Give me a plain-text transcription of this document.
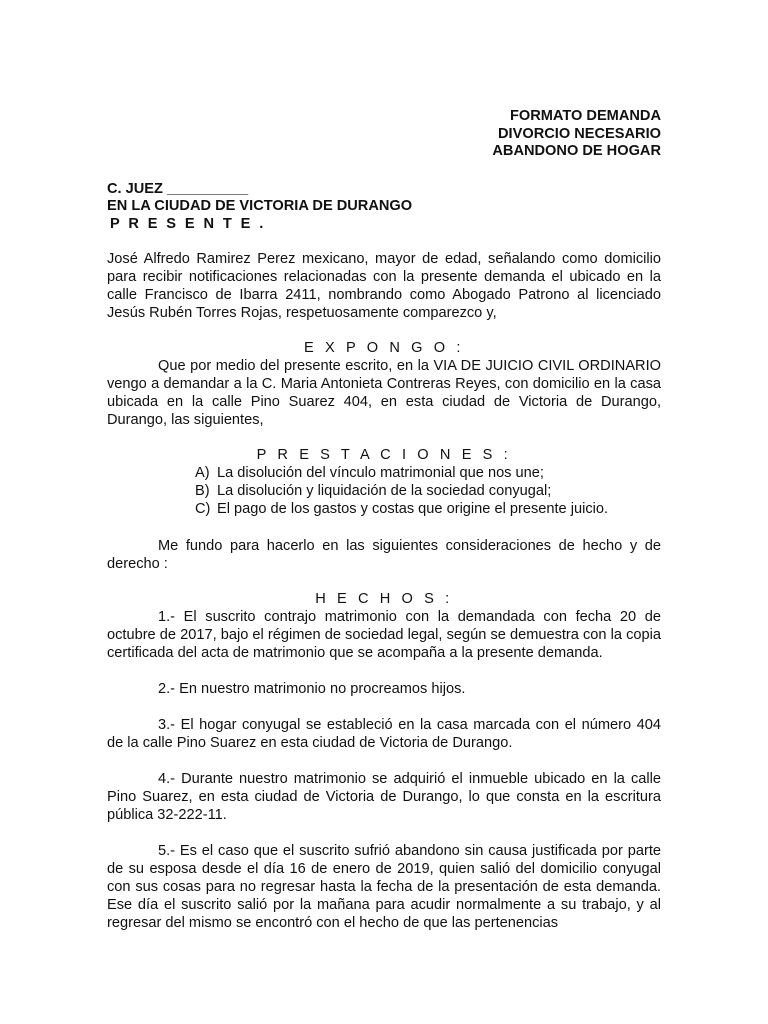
FORMATO DEMANDA
DIVORCIO NECESARIO
ABANDONO DE HOGAR
C. JUEZ __________
EN LA CIUDAD DE VICTORIA DE DURANGO
P R E S E N T E .

José Alfredo Ramirez Perez mexicano, mayor de edad, señalando como domicilio para recibir notificaciones relacionadas con la presente demanda el ubicado en la calle Francisco de Ibarra 2411, nombrando como Abogado Patrono al licenciado Jesús Rubén Torres Rojas, respetuosamente comparezco y,

E X P O N G O :

Que por medio del presente escrito, en la VIA DE JUICIO CIVIL ORDINARIO vengo a demandar a la C. Maria Antonieta Contreras Reyes, con domicilio en la casa ubicada en la calle Pino Suarez 404, en esta ciudad de Victoria de Durango, Durango, las siguientes,

P R E S T A C I O N E S :
A) La disolución del vínculo matrimonial que nos une;
B) La disolución y liquidación de la sociedad conyugal;
C) El pago de los gastos y costas que origine el presente juicio.

Me fundo para hacerlo en las siguientes consideraciones de hecho y de derecho :

H E C H O S :

1.- El suscrito contrajo matrimonio con la demandada con fecha 20 de octubre de 2017, bajo el régimen de sociedad legal, según se demuestra con la copia certificada del acta de matrimonio que se acompaña a la presente demanda.

2.- En nuestro matrimonio no procreamos hijos.

3.- El hogar conyugal se estableció en la casa marcada con el número 404 de la calle Pino Suarez en esta ciudad de Victoria de Durango.

4.- Durante nuestro matrimonio se adquirió el inmueble ubicado en la calle Pino Suarez, en esta ciudad de Victoria de Durango, lo que consta en la escritura pública 32-222-11.

5.- Es el caso que el suscrito sufrió abandono sin causa justificada por parte de su esposa desde el día 16 de enero de 2019, quien salió del domicilio conyugal con sus cosas para no regresar hasta la fecha de la presentación de esta demanda. Ese día el suscrito salió por la mañana para acudir normalmente a su trabajo, y al regresar del mismo se encontró con el hecho de que las pertenencias
